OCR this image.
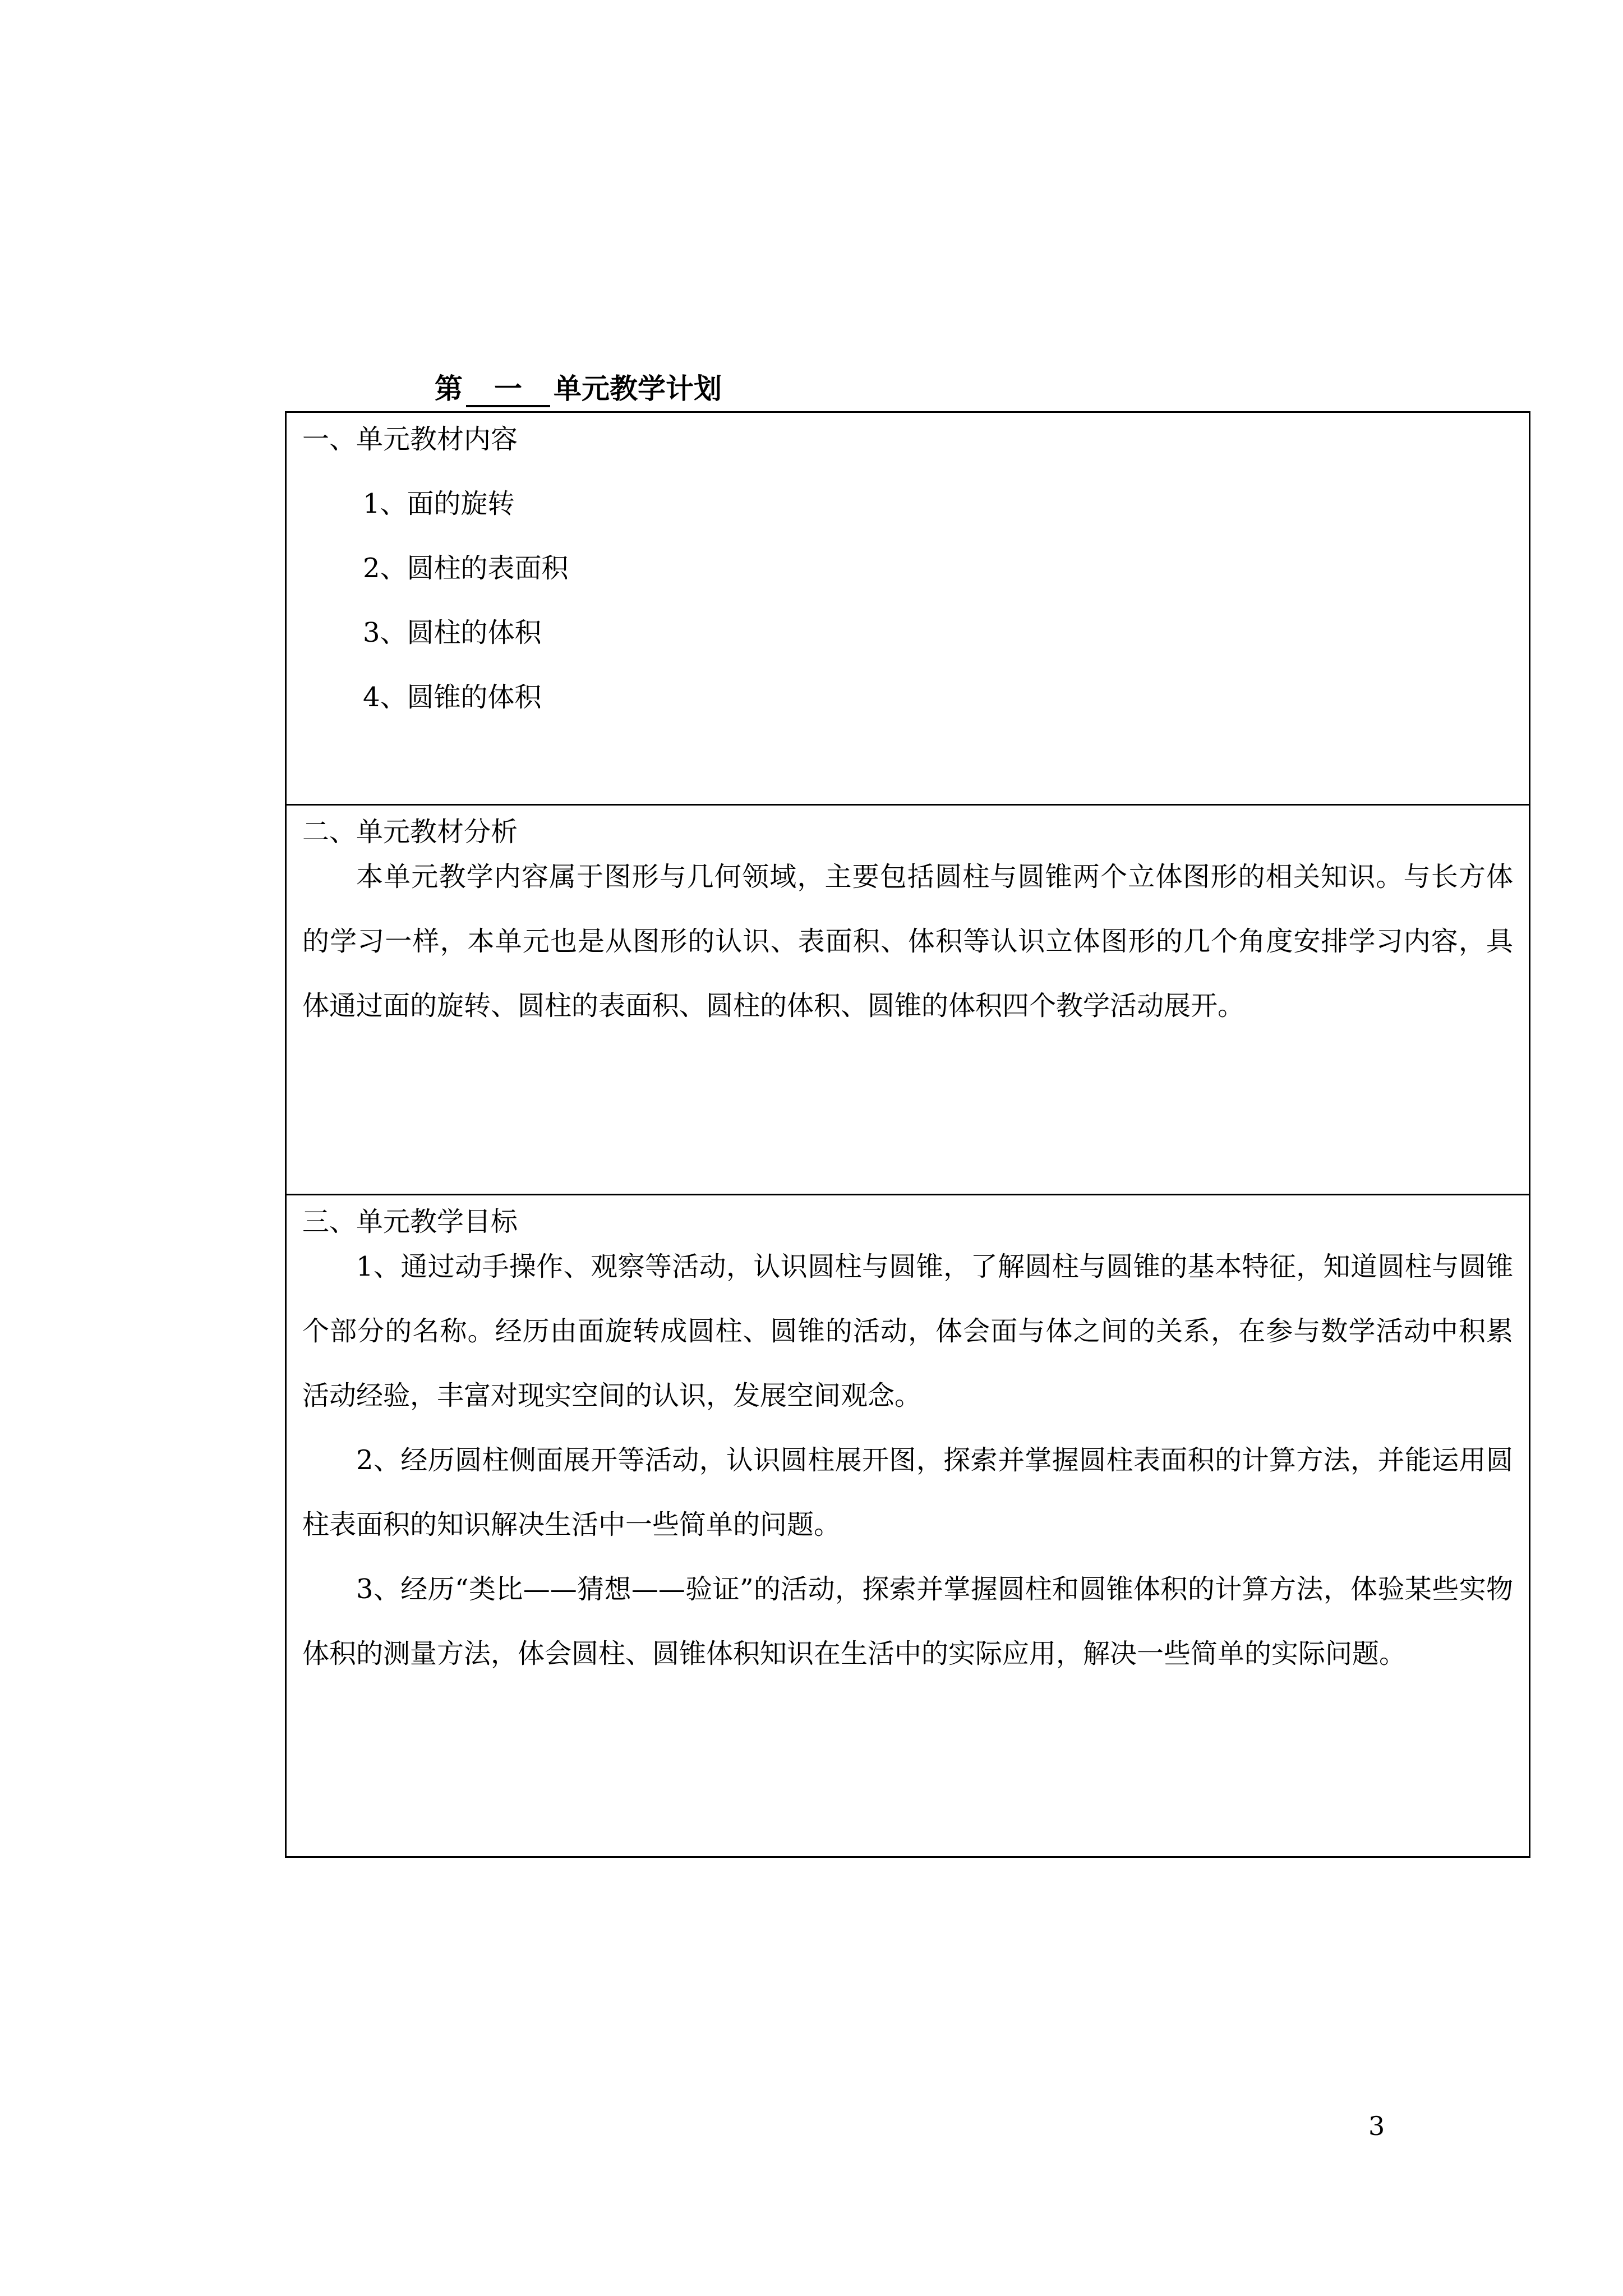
第 一 单元教学计划
一、单元教材内容
1、面的旋转
2、圆柱的表面积
3、圆柱的体积
4、圆锥的体积
二、单元教材分析

本单元教学内容属于图形与几何领域，主要包括圆柱与圆锥两个立体图形的相关知识。与长方体的学习一样，本单元也是从图形的认识、表面积、体积等认识立体图形的几个角度安排学习内容，具体通过面的旋转、圆柱的表面积、圆柱的体积、圆锥的体积四个教学活动展开。

三、单元教学目标

1、通过动手操作、观察等活动，认识圆柱与圆锥，了解圆柱与圆锥的基本特征，知道圆柱与圆锥个部分的名称。经历由面旋转成圆柱、圆锥的活动，体会面与体之间的关系，在参与数学活动中积累活动经验，丰富对现实空间的认识，发展空间观念。

2、经历圆柱侧面展开等活动，认识圆柱展开图，探索并掌握圆柱表面积的计算方法，并能运用圆柱表面积的知识解决生活中一些简单的问题。

3、经历“类比——猜想——验证”的活动，探索并掌握圆柱和圆锥体积的计算方法，体验某些实物体积的测量方法，体会圆柱、圆锥体积知识在生活中的实际应用，解决一些简单的实际问题。

3
